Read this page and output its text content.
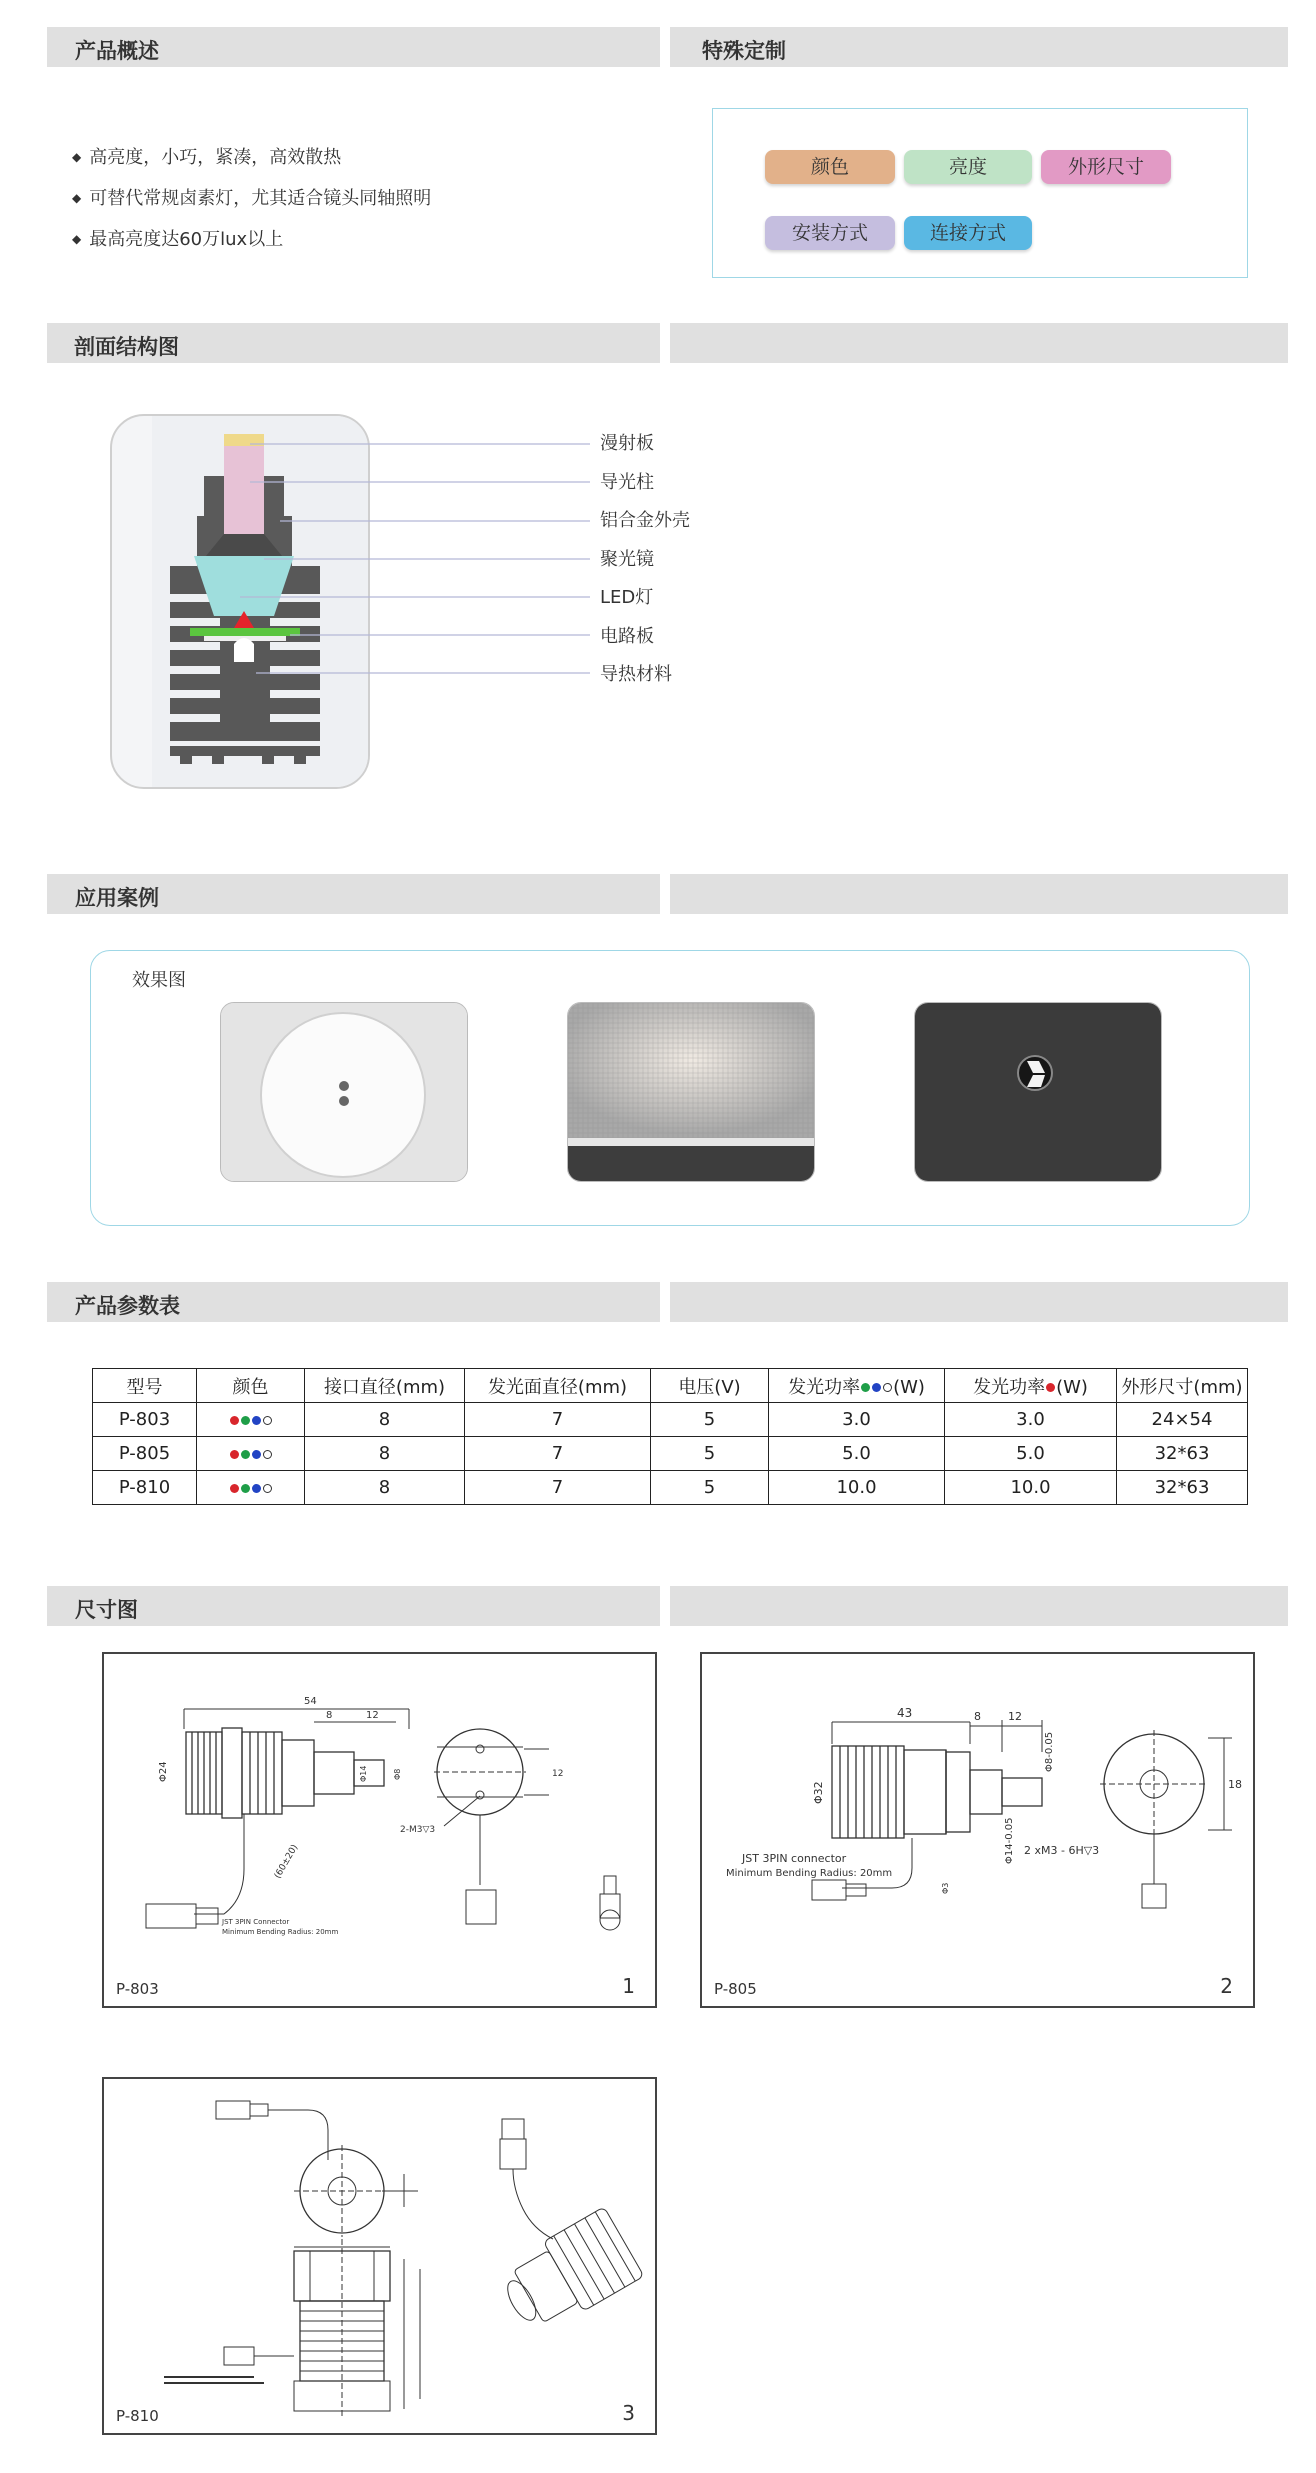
产品概述	特殊定制
剖面结构图
应用案例
产品参数表
尺寸图
◆ 高亮度，小巧，紧凑，高效散热
◆ 可替代常规卤素灯，尤其适合镜头同轴照明
◆ 最高亮度达60万lux以上
颜色	亮度	外形尺寸
安装方式	连接方式
漫射板
导光柱
铝合金外壳
聚光镜
LED灯
电路板
导热材料
效果图
型号	颜色	接口直径(mm)	发光面直径(mm)	电压(V)	发光功率 (W)	发光功率 (W)	外形尺寸(mm)
P-803		8	7	5	3.0	3.0	24×54
P-805		8	7	5	5.0	5.0	32*63
P-810		8	7	5	10.0	10.0	32*63
54
8	12
Φ24	Φ14	Φ8	12
2-M3▽3
JST 3PIN Connector
Minimum Bending Radius: 20mm
(60±20)
P-803	1
43	8 12
Φ32
Φ8-0.05
Φ14-0.05
18
2 xM3 - 6H▽3
JST 3PIN connector
Minimum Bending Radius: 20mm
Φ3
P-805	2
P-810	3
